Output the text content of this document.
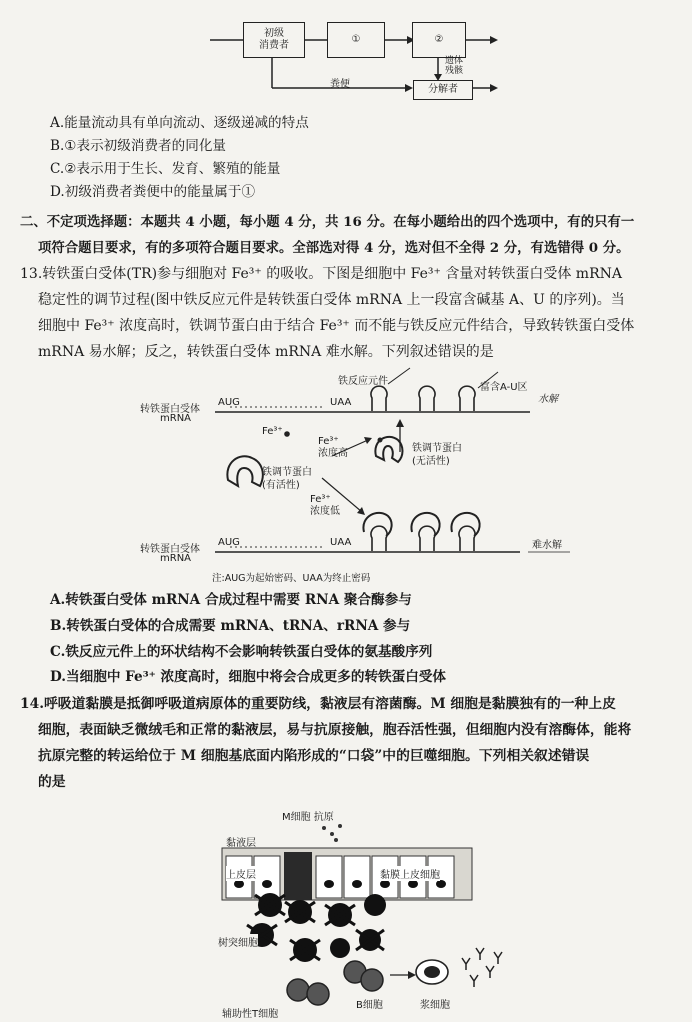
初级
消费者
①	②
分解者
粪便
遗体
残骸
A.能量流动具有单向流动、逐级递减的特点
B.①表示初级消费者的同化量
C.②表示用于生长、发育、繁殖的能量
D.初级消费者粪便中的能量属于①
二、不定项选择题：本题共 4 小题，每小题 4 分，共 16 分。在每小题给出的四个选项中，有的只有一
项符合题目要求，有的多项符合题目要求。全部选对得 4 分，选对但不全得 2 分，有选错得 0 分。
13.转铁蛋白受体(TR)参与细胞对 Fe³⁺ 的吸收。下图是细胞中 Fe³⁺ 含量对转铁蛋白受体 mRNA
稳定性的调节过程(图中铁反应元件是转铁蛋白受体 mRNA 上一段富含碱基 A、U 的序列)。当
细胞中 Fe³⁺ 浓度高时，铁调节蛋白由于结合 Fe³⁺ 而不能与铁反应元件结合，导致转铁蛋白受体
mRNA 易水解；反之，转铁蛋白受体 mRNA 难水解。下列叙述错误的是
转铁蛋白受体
mRNA
AUG	UAA
铁反应元件
富含A-U区
水解
Fe³⁺
Fe³⁺
浓度高	铁调节蛋白
(无活性)
铁调节蛋白
(有活性)
Fe³⁺
浓度低
转铁蛋白受体
mRNA
AUG	UAA	难水解
注:AUG为起始密码、UAA为终止密码
A.转铁蛋白受体 mRNA 合成过程中需要 RNA 聚合酶参与
B.转铁蛋白受体的合成需要 mRNA、tRNA、rRNA 参与
C.铁反应元件上的环状结构不会影响转铁蛋白受体的氨基酸序列
D.当细胞中 Fe³⁺ 浓度高时，细胞中将会合成更多的转铁蛋白受体
14.呼吸道黏膜是抵御呼吸道病原体的重要防线，黏液层有溶菌酶。M 细胞是黏膜独有的一种上皮
细胞，表面缺乏微绒毛和正常的黏液层，易与抗原接触，胞吞活性强，但细胞内没有溶酶体，能将
抗原完整的转运给位于 M 细胞基底面内陷形成的“口袋”中的巨噬细胞。下列相关叙述错误
的是
M细胞 抗原
黏液层
上皮层	黏膜上皮细胞
树突细胞
辅助性T细胞
B细胞	浆细胞
